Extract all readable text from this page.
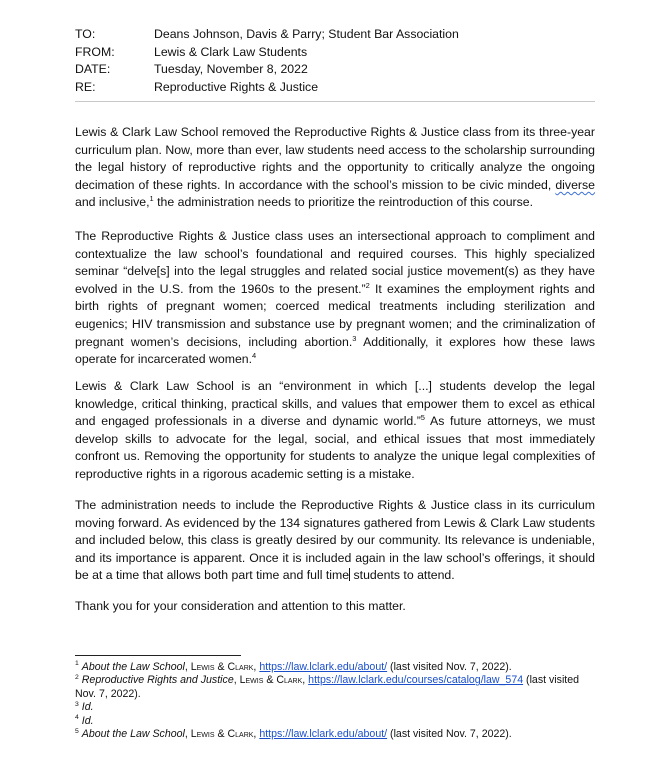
TO:	Deans Johnson, Davis & Parry; Student Bar Association
FROM:	Lewis & Clark Law Students
DATE:	Tuesday, November 8, 2022
RE:	Reproductive Rights & Justice

Lewis & Clark Law School removed the Reproductive Rights & Justice class from its three-year curriculum plan. Now, more than ever, law students need access to the scholarship surrounding the legal history of reproductive rights and the opportunity to critically analyze the ongoing decimation of these rights. In accordance with the school’s mission to be civic minded, diverse and inclusive,$^1$ the administration needs to prioritize the reintroduction of this course.

The Reproductive Rights & Justice class uses an intersectional approach to compliment and contextualize the law school’s foundational and required courses. This highly specialized seminar “delve[s] into the legal struggles and related social justice movement(s) as they have evolved in the U.S. from the 1960s to the present.”$^2$ It examines the employment rights and birth rights of pregnant women; coerced medical treatments including sterilization and eugenics; HIV transmission and substance use by pregnant women; and the criminalization of pregnant women’s decisions, including abortion.$^3$ Additionally, it explores how these laws operate for incarcerated women.$^4$

Lewis & Clark Law School is an “environment in which [...] students develop the legal knowledge, critical thinking, practical skills, and values that empower them to excel as ethical and engaged professionals in a diverse and dynamic world.”$^5$ As future attorneys, we must develop skills to advocate for the legal, social, and ethical issues that most immediately confront us. Removing the opportunity for students to analyze the unique legal complexities of reproductive rights in a rigorous academic setting is a mistake.

The administration needs to include the Reproductive Rights & Justice class in its curriculum moving forward. As evidenced by the 134 signatures gathered from Lewis & Clark Law students and included below, this class is greatly desired by our community. Its relevance is undeniable, and its importance is apparent. Once it is included again in the law school’s offerings, it should be at a time that allows both part time and full time students to attend.

Thank you for your consideration and attention to this matter.

$^1$ About the Law School, Lewis & Clark, https://law.lclark.edu/about/ (last visited Nov. 7, 2022).

$^2$ Reproductive Rights and Justice, Lewis & Clark, https://law.lclark.edu/courses/catalog/law_574 (last visited Nov. 7, 2022).

$^3$ Id.

$^4$ Id.

$^5$ About the Law School, Lewis & Clark, https://law.lclark.edu/about/ (last visited Nov. 7, 2022).
